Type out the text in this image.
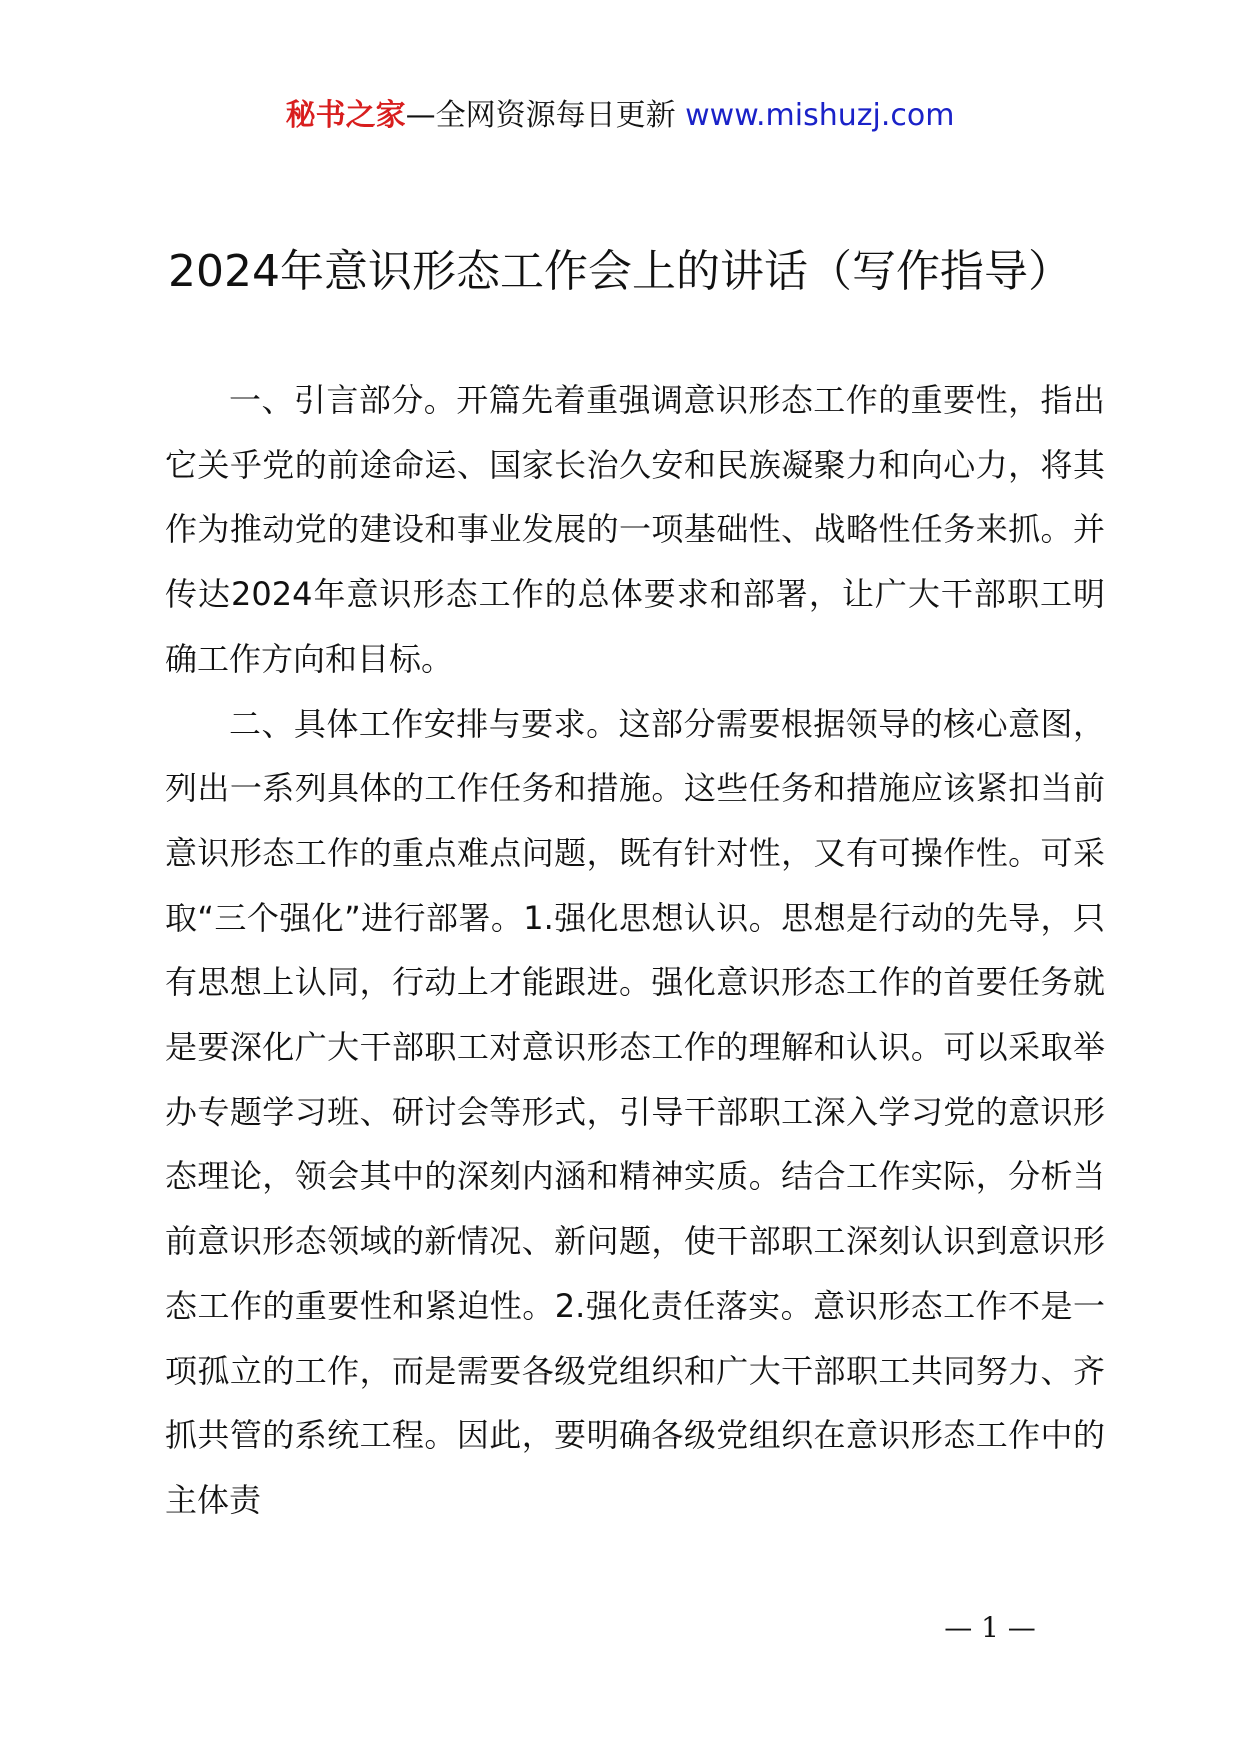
秘书之家—全网资源每日更新 www.mishuzj.com
2024年意识形态工作会上的讲话（写作指导）

一、引言部分。开篇先着重强调意识形态工作的重要性，指出它关乎党的前途命运、国家长治久安和民族凝聚力和向心力，将其作为推动党的建设和事业发展的一项基础性、战略性任务来抓。并传达2024年意识形态工作的总体要求和部署，让广大干部职工明确工作方向和目标。

二、具体工作安排与要求。这部分需要根据领导的核心意图，列出一系列具体的工作任务和措施。这些任务和措施应该紧扣当前意识形态工作的重点难点问题，既有针对性，又有可操作性。可采取“三个强化”进行部署。1.强化思想认识。思想是行动的先导，只有思想上认同，行动上才能跟进。强化意识形态工作的首要任务就是要深化广大干部职工对意识形态工作的理解和认识。可以采取举办专题学习班、研讨会等形式，引导干部职工深入学习党的意识形态理论，领会其中的深刻内涵和精神实质。结合工作实际，分析当前意识形态领域的新情况、新问题，使干部职工深刻认识到意识形态工作的重要性和紧迫性。2.强化责任落实。意识形态工作不是一项孤立的工作，而是需要各级党组织和广大干部职工共同努力、齐抓共管的系统工程。因此，要明确各级党组织在意识形态工作中的主体责

— 1 —
